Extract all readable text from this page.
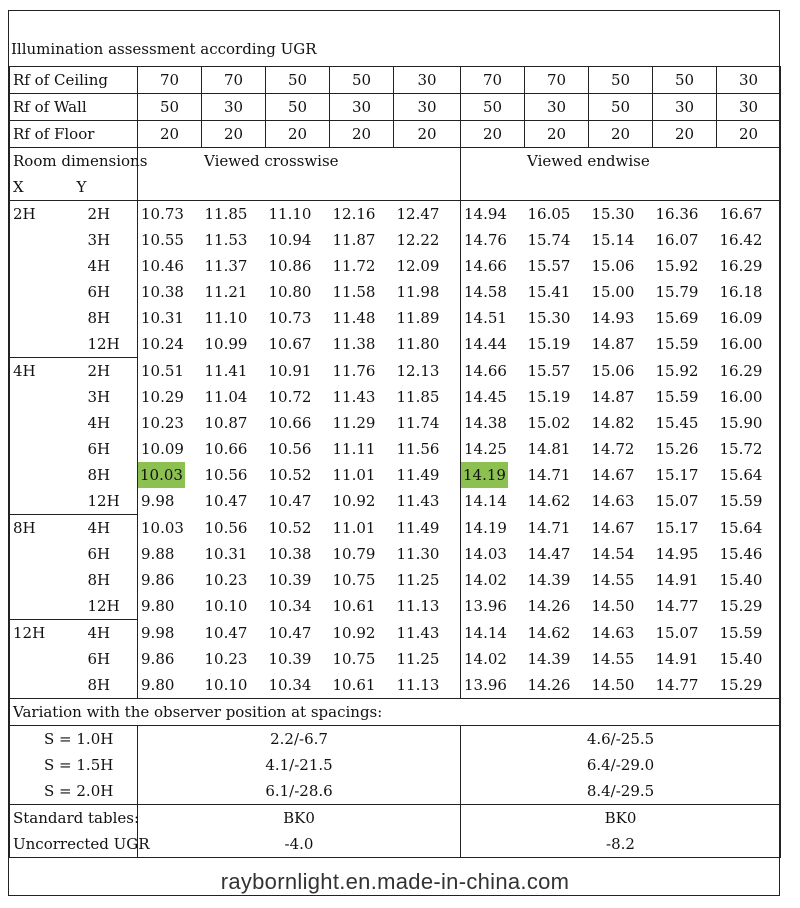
Illumination assessment according UGR
Rf of Ceiling		70	70	50	50	30	70	70	50	50	30
Rf of Wall		50	30	50	30	30	50	30	50	30	30
Rf of Floor		20	20	20	20	20	20	20	20	20	20
Room dimensions		Viewed crosswise					Viewed endwise				
X	Y										
2H	2H	10.73	11.85	11.10	12.16	12.47	14.94	16.05	15.30	16.36	16.67
	3H	10.55	11.53	10.94	11.87	12.22	14.76	15.74	15.14	16.07	16.42
	4H	10.46	11.37	10.86	11.72	12.09	14.66	15.57	15.06	15.92	16.29
	6H	10.38	11.21	10.80	11.58	11.98	14.58	15.41	15.00	15.79	16.18
	8H	10.31	11.10	10.73	11.48	11.89	14.51	15.30	14.93	15.69	16.09
	12H	10.24	10.99	10.67	11.38	11.80	14.44	15.19	14.87	15.59	16.00
4H	2H	10.51	11.41	10.91	11.76	12.13	14.66	15.57	15.06	15.92	16.29
	3H	10.29	11.04	10.72	11.43	11.85	14.45	15.19	14.87	15.59	16.00
	4H	10.23	10.87	10.66	11.29	11.74	14.38	15.02	14.82	15.45	15.90
	6H	10.09	10.66	10.56	11.11	11.56	14.25	14.81	14.72	15.26	15.72
	8H	10.03	10.56	10.52	11.01	11.49	14.19	14.71	14.67	15.17	15.64
	12H	9.98	10.47	10.47	10.92	11.43	14.14	14.62	14.63	15.07	15.59
8H	4H	10.03	10.56	10.52	11.01	11.49	14.19	14.71	14.67	15.17	15.64
	6H	9.88	10.31	10.38	10.79	11.30	14.03	14.47	14.54	14.95	15.46
	8H	9.86	10.23	10.39	10.75	11.25	14.02	14.39	14.55	14.91	15.40
	12H	9.80	10.10	10.34	10.61	11.13	13.96	14.26	14.50	14.77	15.29
12H	4H	9.98	10.47	10.47	10.92	11.43	14.14	14.62	14.63	15.07	15.59
	6H	9.86	10.23	10.39	10.75	11.25	14.02	14.39	14.55	14.91	15.40
	8H	9.80	10.10	10.34	10.61	11.13	13.96	14.26	14.50	14.77	15.29
Variation with the observer position at spacings:											
S = 1.0H		2.2/-6.7					4.6/-25.5				
S = 1.5H		4.1/-21.5					6.4/-29.0				
S = 2.0H		6.1/-28.6					8.4/-29.5				
Standard tables:		BK0					BK0				
Uncorrected UGR		-4.0					-8.2				
raybornlight.en.made-in-china.com
